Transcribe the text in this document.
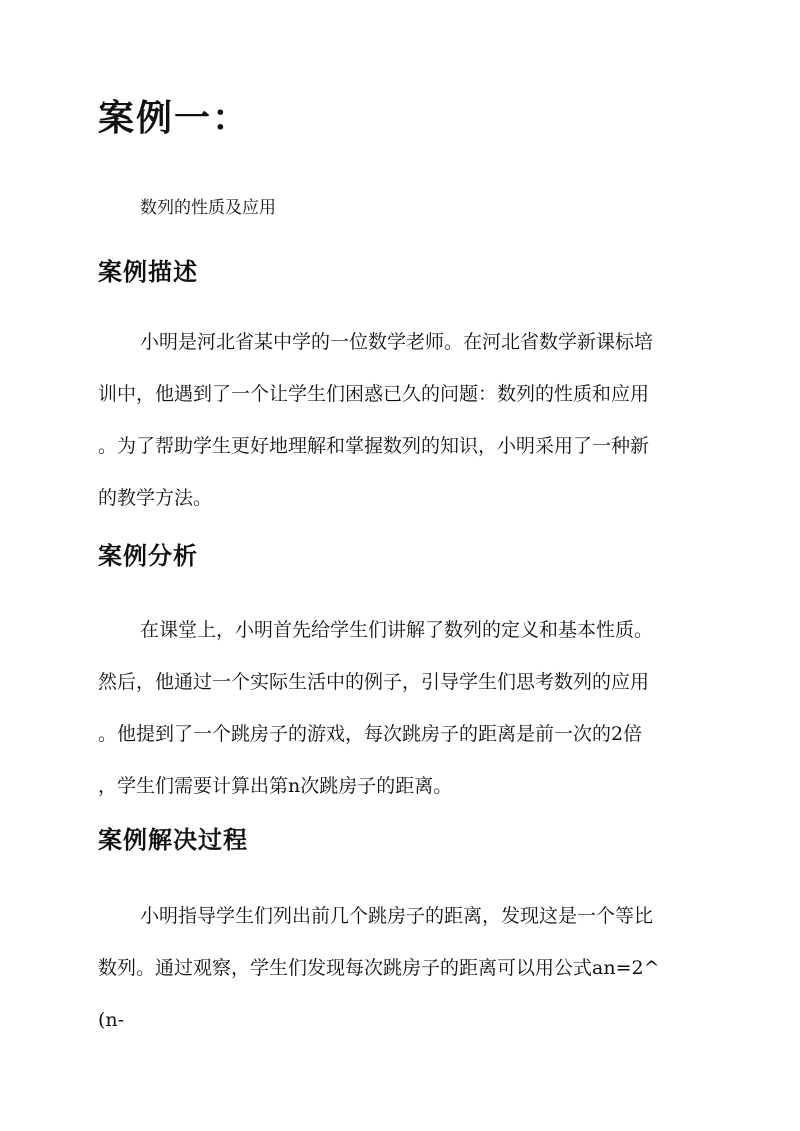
案例一：

数列的性质及应用

案例描述
小明是河北省某中学的一位数学老师。在河北省数学新课标培
训中，他遇到了一个让学生们困惑已久的问题：数列的性质和应用
。为了帮助学生更好地理解和掌握数列的知识，小明采用了一种新
的教学方法。
案例分析
在课堂上，小明首先给学生们讲解了数列的定义和基本性质。
然后，他通过一个实际生活中的例子，引导学生们思考数列的应用
。他提到了一个跳房子的游戏，每次跳房子的距离是前一次的2倍
，学生们需要计算出第n次跳房子的距离。
案例解决过程
小明指导学生们列出前几个跳房子的距离，发现这是一个等比
数列。通过观察，学生们发现每次跳房子的距离可以用公式an=2^
(n-
